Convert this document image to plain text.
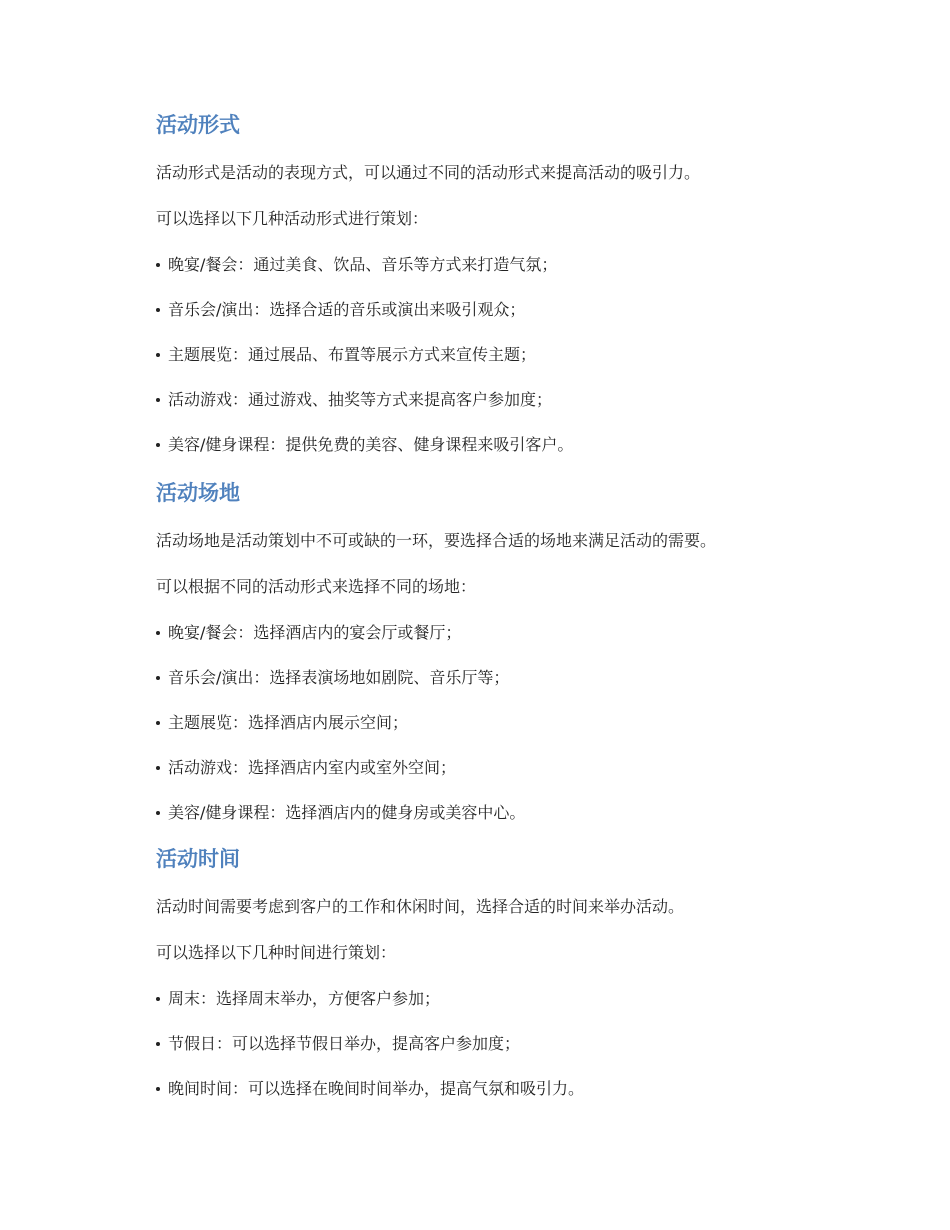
活动形式

活动形式是活动的表现方式，可以通过不同的活动形式来提高活动的吸引力。

可以选择以下几种活动形式进行策划：

晚宴/餐会：通过美食、饮品、音乐等方式来打造气氛；
音乐会/演出：选择合适的音乐或演出来吸引观众；
主题展览：通过展品、布置等展示方式来宣传主题；
活动游戏：通过游戏、抽奖等方式来提高客户参加度；
美容/健身课程：提供免费的美容、健身课程来吸引客户。
活动场地

活动场地是活动策划中不可或缺的一环，要选择合适的场地来满足活动的需要。

可以根据不同的活动形式来选择不同的场地：

晚宴/餐会：选择酒店内的宴会厅或餐厅；
音乐会/演出：选择表演场地如剧院、音乐厅等；
主题展览：选择酒店内展示空间；
活动游戏：选择酒店内室内或室外空间；
美容/健身课程：选择酒店内的健身房或美容中心。
活动时间

活动时间需要考虑到客户的工作和休闲时间，选择合适的时间来举办活动。

可以选择以下几种时间进行策划：

周末：选择周末举办，方便客户参加；
节假日：可以选择节假日举办，提高客户参加度；
晚间时间：可以选择在晚间时间举办，提高气氛和吸引力。
